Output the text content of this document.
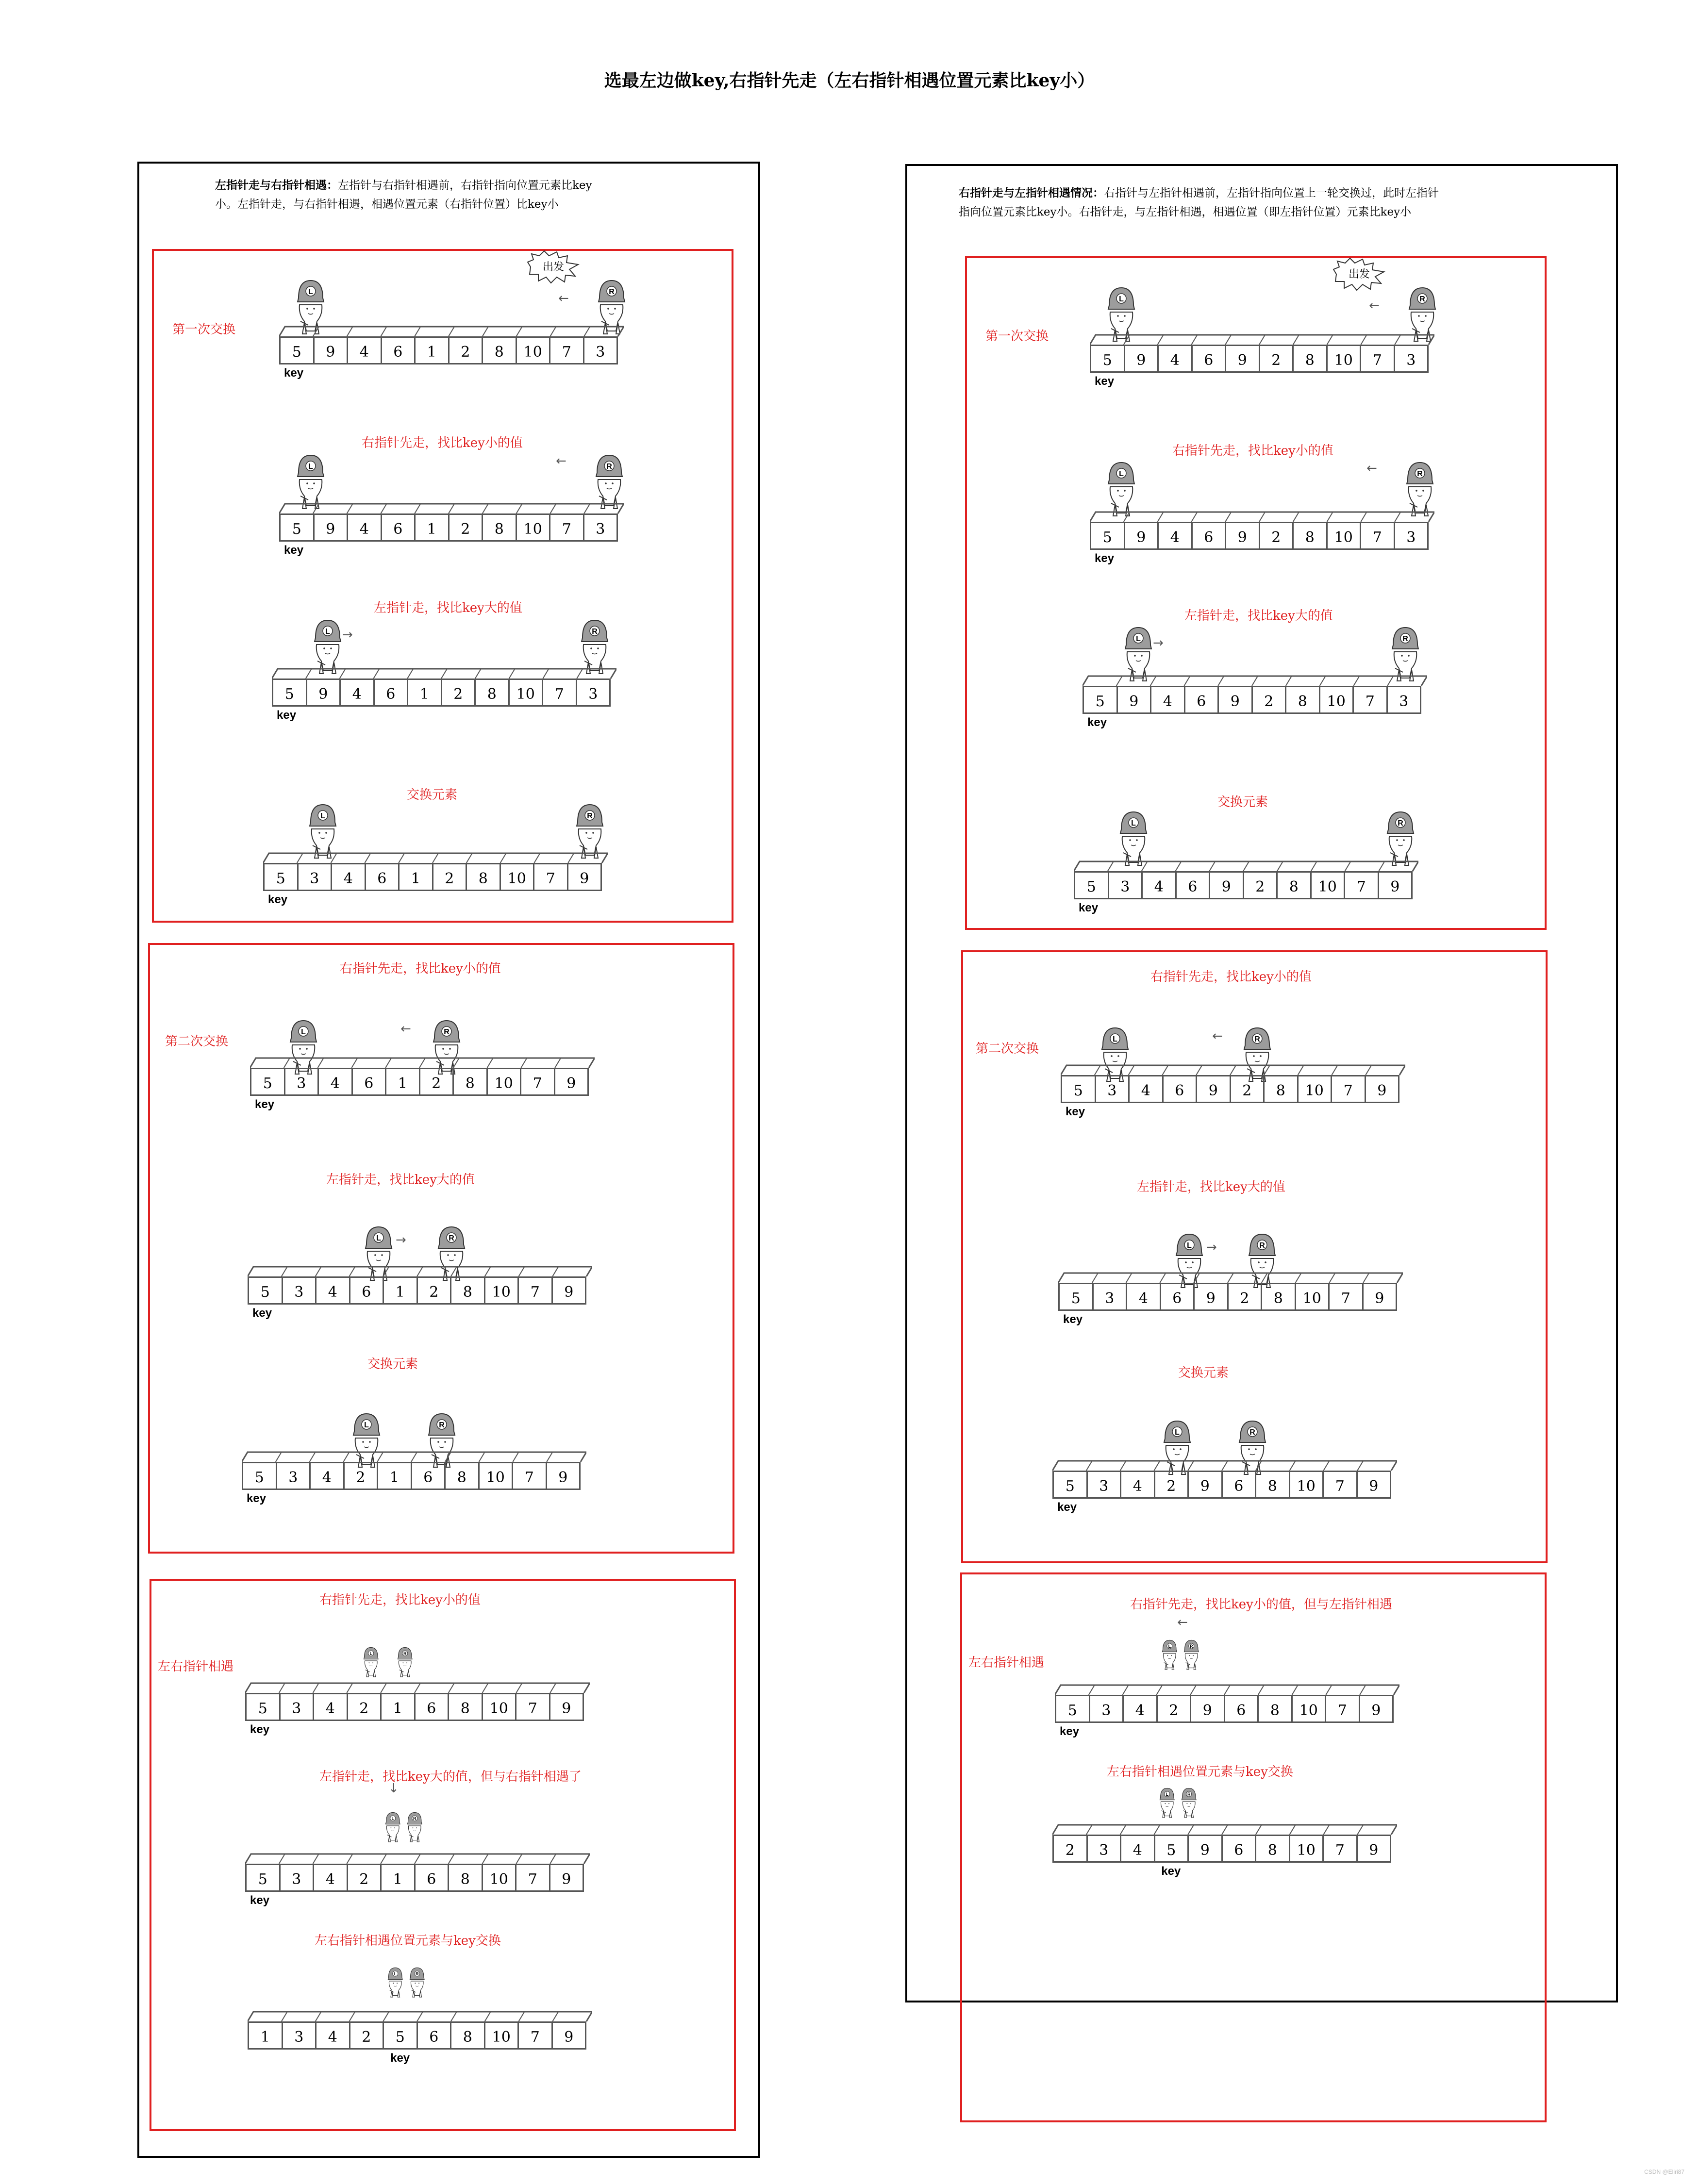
选最左边做key,右指针先走（左右指针相遇位置元素比key小）
左指针走与右指针相遇：左指针与右指针相遇前，右指针指向位置元素比key
小。左指针走，与右指针相遇，相遇位置元素（右指针位置）比key小
右指针走与左指针相遇情况：右指针与左指针相遇前，左指针指向位置上一轮交换过，此时左指针
指向位置元素比key小。右指针走，与左指针相遇，相遇位置（即左指针位置）元素比key小
第一次交换
L	R
←
出发
5	9	4	6	1	2	8	10	7	3
key
右指针先走，找比key小的值
L	R
←
5	9	4	6	1	2	8	10	7	3
key
左指针走，找比key大的值
L	R
→
5	9	4	6	1	2	8	10	7	3
key
交换元素
L	R
5	3	4	6	1	2	8	10	7	9
key
第二次交换
右指针先走，找比key小的值
L	R
←
5	3	4	6	1	2	8	10	7	9
key
左指针走，找比key大的值
L	R
→
5	3	4	6	1	2	8	10	7	9
key
交换元素
L	R
5	3	4	2	1	6	8	10	7	9
key
左右指针相遇
右指针先走，找比key小的值
L	R
5	3	4	2	1	6	8	10	7	9
key
左指针走，找比key大的值，但与右指针相遇了
L R
↓
5	3	4	2	1	6	8	10	7	9
key
左右指针相遇位置元素与key交换
L R
1	3	4	2	5	6	8	10	7	9
key
第一次交换
L	R
←
出发
5	9	4	6	9	2	8	10	7	3
key
右指针先走，找比key小的值
L	R
←
5	9	4	6	9	2	8	10	7	3
key
左指针走，找比key大的值
L	R
→
5	9	4	6	9	2	8	10	7	3
key
交换元素
L	R
5	3	4	6	9	2	8	10	7	9
key
第二次交换
右指针先走，找比key小的值
L	R
←
5	3	4	6	9	2	8	10	7	9
key
左指针走，找比key大的值
L	R
→
5	3	4	6	9	2	8	10	7	9
key
交换元素
L	R
5	3	4	2	9	6	8	10	7	9
key
左右指针相遇
右指针先走，找比key小的值，但与左指针相遇
L R
←
5	3	4	2	9	6	8	10	7	9
key
左右指针相遇位置元素与key交换
L R
2	3	4	5	9	6	8	10	7	9
key
CSDN @Eliri87
